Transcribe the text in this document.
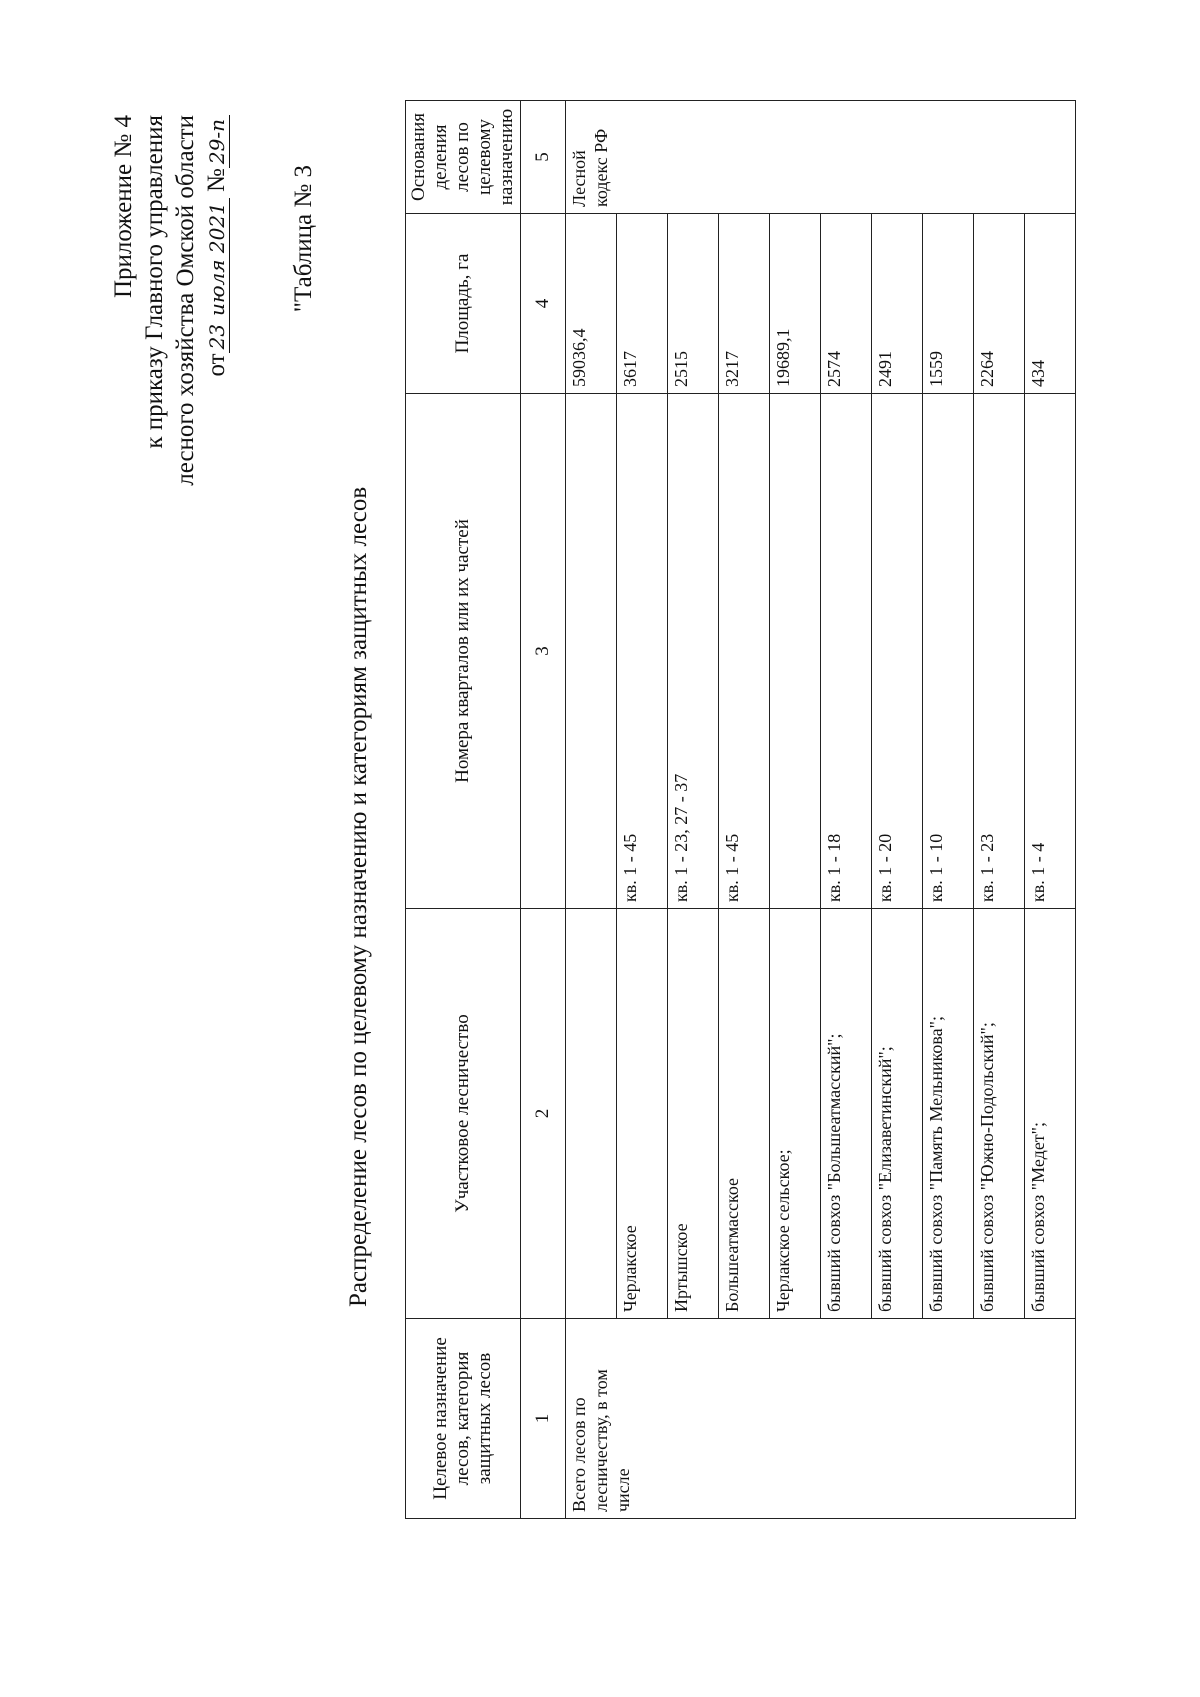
Приложение № 4 к приказу Главного управления лесного хозяйства Омской области от23июля 2021 №29-п
"Таблица № 3
Распределение лесов по целевому назначению и категориям защитных лесов
Целевое назначение лесов, категория защитных лесов	Участковое лесничество	Номера кварталов или их частей	Площадь, га	Основания деления лесов по целевому назначению
1	2	3	4	5
Всего лесов по лесничеству, в том числе			59036,4	Лесной кодекс РФ
	Черлакское	кв. 1 - 45	3617	
	Иртышское	кв. 1 - 23, 27 - 37	2515	
	Большеатмасское	кв. 1 - 45	3217	
	Черлакское сельское;		19689,1	
	бывший совхоз "Большеатмасский";	кв. 1 - 18	2574	
	бывший совхоз "Елизаветинский";	кв. 1 - 20	2491	
	бывший совхоз "Память Мельникова";	кв. 1 - 10	1559	
	бывший совхоз "Южно-Подольский";	кв. 1 - 23	2264	
	бывший совхоз "Медет";	кв. 1 - 4	434	
